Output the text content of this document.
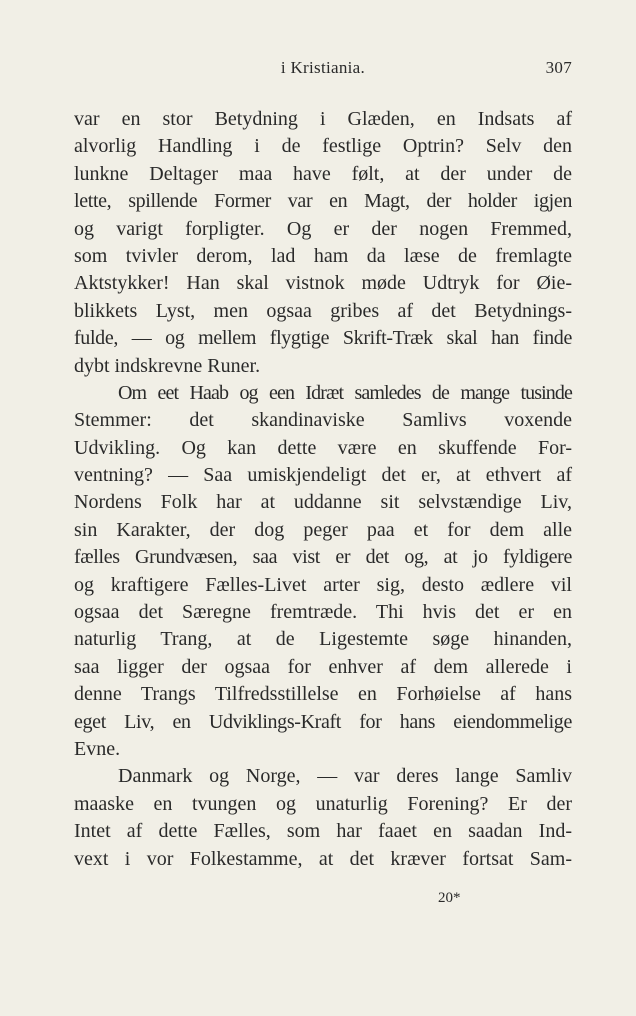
i Kristiania.	307
var en stor Betydning i Glæden, en Indsats af
alvorlig Handling i de festlige Optrin? Selv den
lunkne Deltager maa have følt, at der under de
lette, spillende Former var en Magt, der holder igjen
og varigt forpligter. Og er der nogen Fremmed,
som tvivler derom, lad ham da læse de fremlagte
Aktstykker! Han skal vistnok møde Udtryk for Øie-
blikkets Lyst, men ogsaa gribes af det Betydnings-
fulde, — og mellem flygtige Skrift-Træk skal han finde
dybt indskrevne Runer.
Om eet Haab og een Idræt samledes de mange tusinde
Stemmer: det skandinaviske Samlivs voxende
Udvikling. Og kan dette være en skuffende For-
ventning? — Saa umiskjendeligt det er, at ethvert af
Nordens Folk har at uddanne sit selvstændige Liv,
sin Karakter, der dog peger paa et for dem alle
fælles Grundvæsen, saa vist er det og, at jo fyldigere
og kraftigere Fælles-Livet arter sig, desto ædlere vil
ogsaa det Særegne fremtræde. Thi hvis det er en
naturlig Trang, at de Ligestemte søge hinanden,
saa ligger der ogsaa for enhver af dem allerede i
denne Trangs Tilfredsstillelse en Forhøielse af hans
eget Liv, en Udviklings-Kraft for hans eiendommelige
Evne.
Danmark og Norge, — var deres lange Samliv
maaske en tvungen og unaturlig Forening? Er der
Intet af dette Fælles, som har faaet en saadan Ind-
vext i vor Folkestamme, at det kræver fortsat Sam-
20*
